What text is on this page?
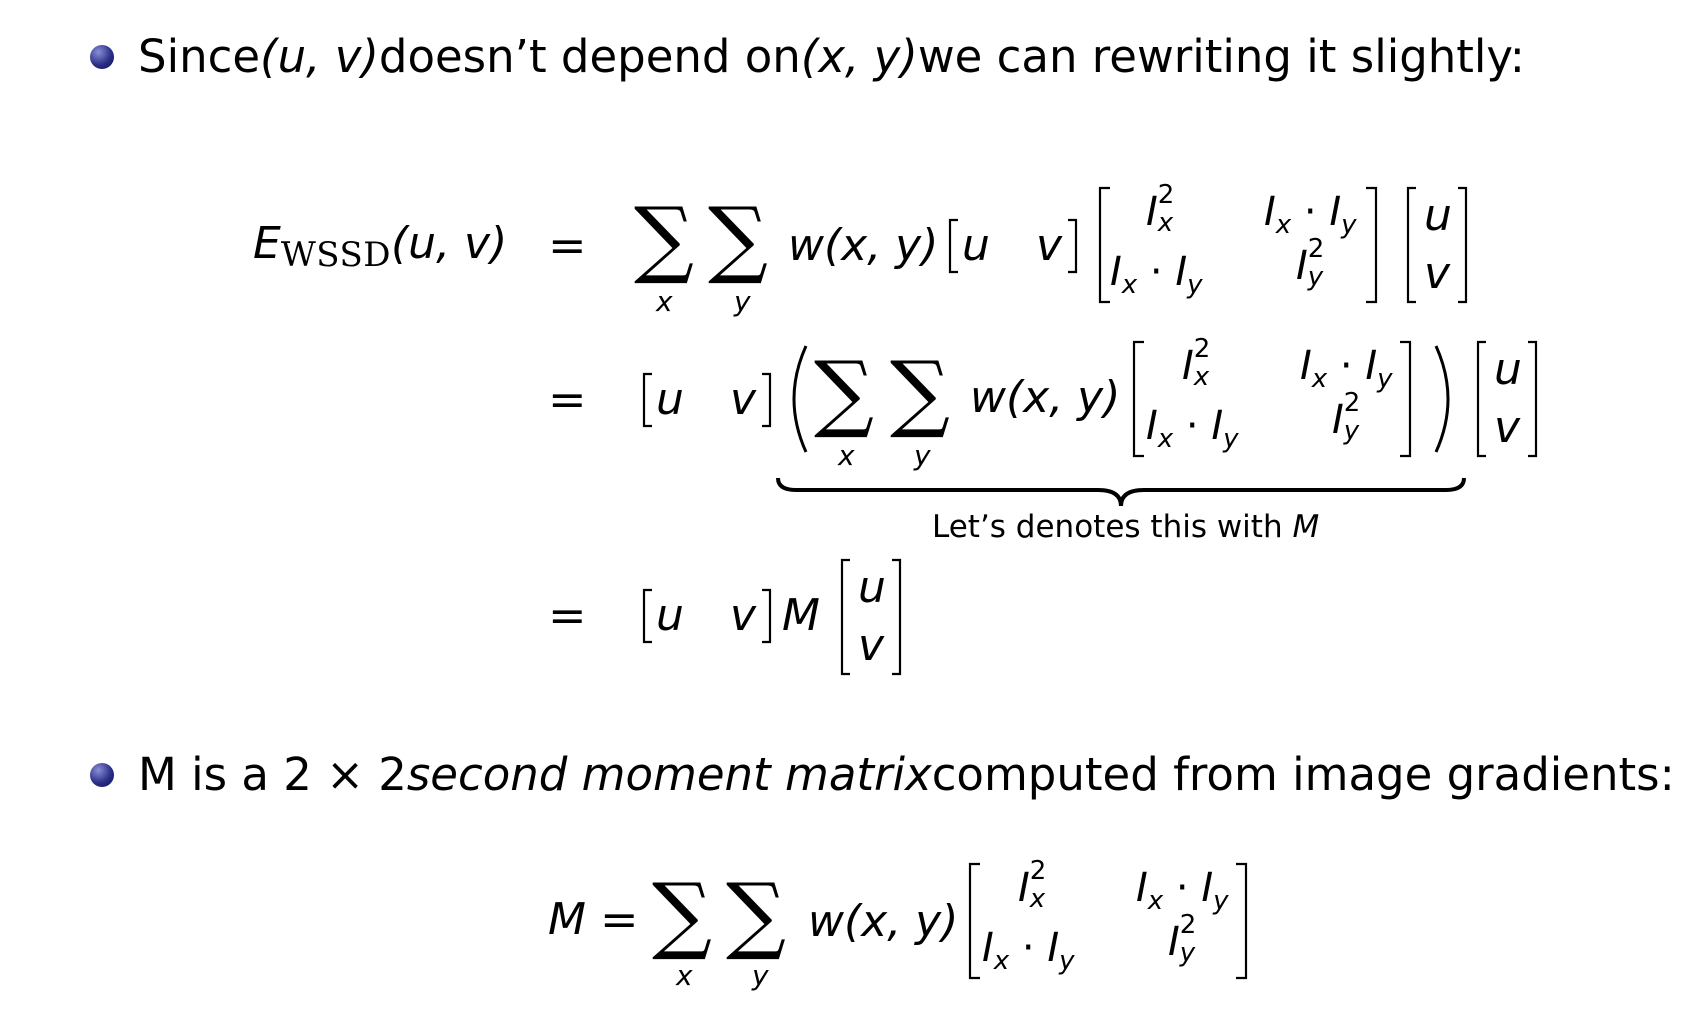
Since (u, v) doesn’t depend on (x, y) we can rewriting it slightly:
EWSSD(u, v) = ∑
x
∑
y
w(x, y) u v
I 2
x $I_x \cdot I_y$
$I_x \cdot I_y$ I 2
y
u
v
= u v ∑
x
∑
y
w(x, y)
I 2
x $I_x \cdot I_y$
$I_x \cdot I_y$ I 2
y
u
v
Let’s denotes this with M
= u v M
u
v
M is a 2 × 2 second moment matrix computed from image gradients:
M = ∑
x
∑
y
w(x, y)
I 2
x $I_x \cdot I_y$
$I_x \cdot I_y$ I 2
y
